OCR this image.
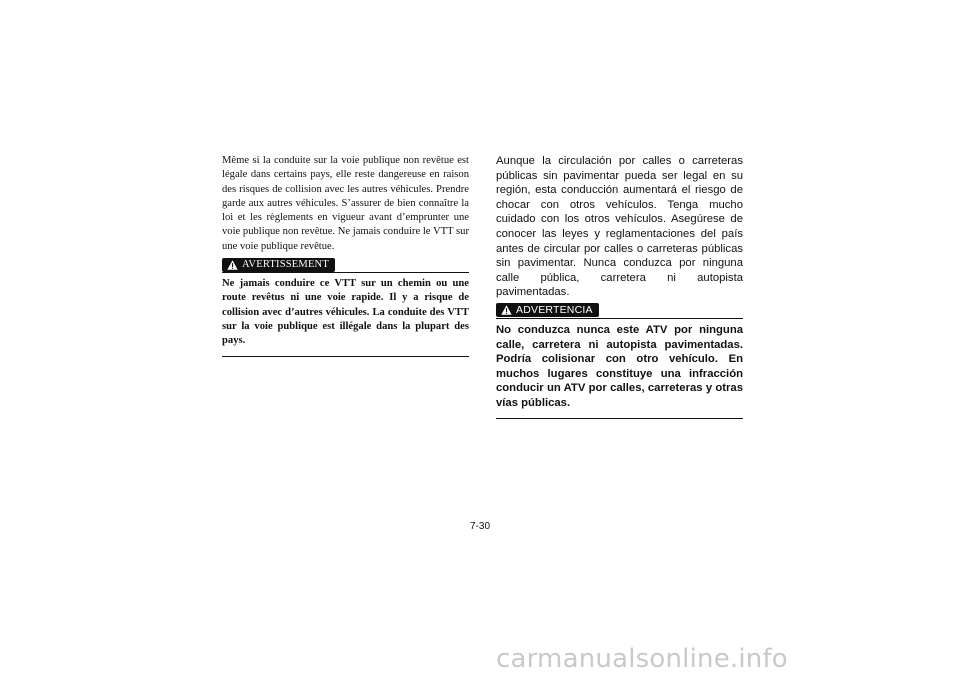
Même si la conduite sur la voie publique non revêtue est légale dans certains pays, elle reste dangereuse en raison des risques de collision avec les autres véhicules. Prendre garde aux autres véhicules. S’assurer de bien connaître la loi et les règlements en vigueur avant d’emprunter une voie publique non revêtue. Ne jamais conduire le VTT sur une voie publique revêtue.

AVERTISSEMENT

Ne jamais conduire ce VTT sur un chemin ou une route revêtus ni une voie rapide. Il y a risque de collision avec d’autres véhicules. La conduite des VTT sur la voie publique est illégale dans la plupart des pays.

Aunque la circulación por calles o carreteras públicas sin pavimentar pueda ser legal en su región, esta conducción aumentará el riesgo de chocar con otros vehículos. Tenga mucho cuidado con los otros vehículos. Asegúrese de conocer las leyes y reglamentaciones del país antes de circular por calles o carreteras públicas sin pavimentar. Nunca conduzca por ninguna calle pública, carretera ni autopista pavimentadas.

ADVERTENCIA

No conduzca nunca este ATV por ninguna calle, carretera ni autopista pavimentadas. Podría colisionar con otro vehículo. En muchos lugares constituye una infracción conducir un ATV por calles, carreteras y otras vías públicas.

7-30
carmanualsonline.info
